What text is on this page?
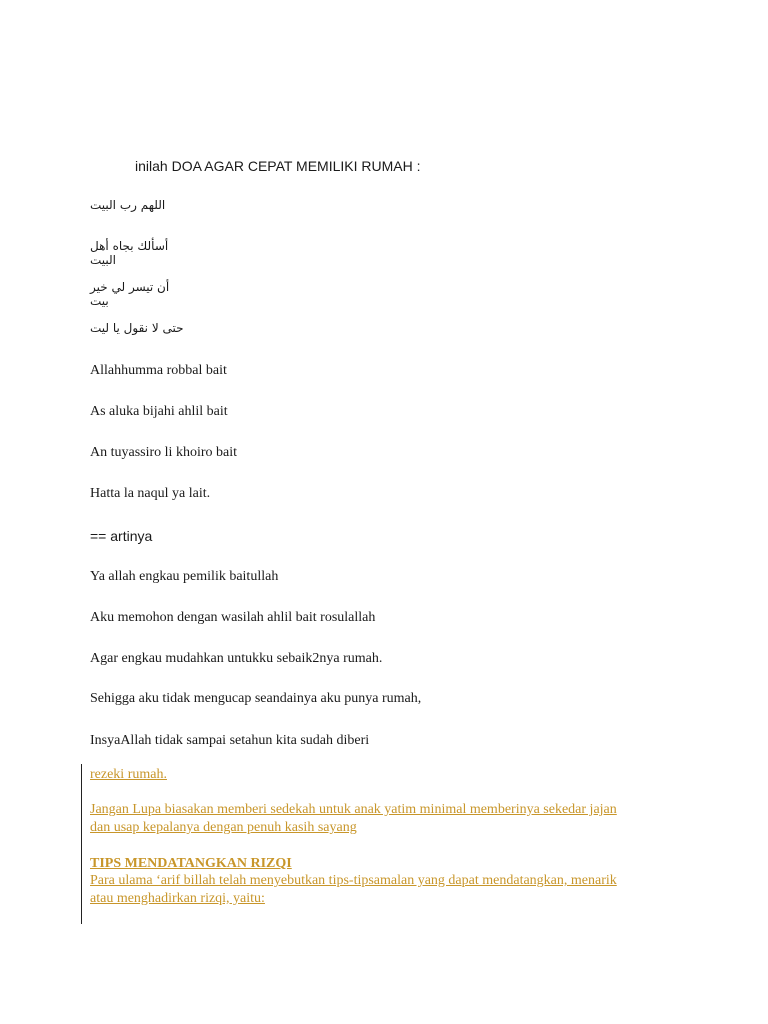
inilah DOA AGAR CEPAT MEMILIKI RUMAH :
اللهم رب البيت
أسألك بجاه أهل البيت
أن تيسر لي خير بيت
حتى لا نقول يا ليت
Allahhumma robbal bait
As aluka bijahi ahlil bait
An tuyassiro li khoiro bait
Hatta la naqul ya lait.
== artinya
Ya allah engkau pemilik baitullah
Aku memohon dengan wasilah ahlil bait rosulallah
Agar engkau mudahkan untukku sebaik2nya rumah.
Sehigga aku tidak mengucap seandainya aku punya rumah,
InsyaAllah tidak sampai setahun kita sudah diberi
rezeki rumah.
Jangan Lupa biasakan memberi sedekah untuk anak yatim minimal memberinya sekedar jajan
dan usap kepalanya dengan penuh kasih sayang
TIPS MENDATANGKAN RIZQI
Para ulama ‘arif billah telah menyebutkan tips-tipsamalan yang dapat mendatangkan, menarik
atau menghadirkan rizqi, yaitu:
